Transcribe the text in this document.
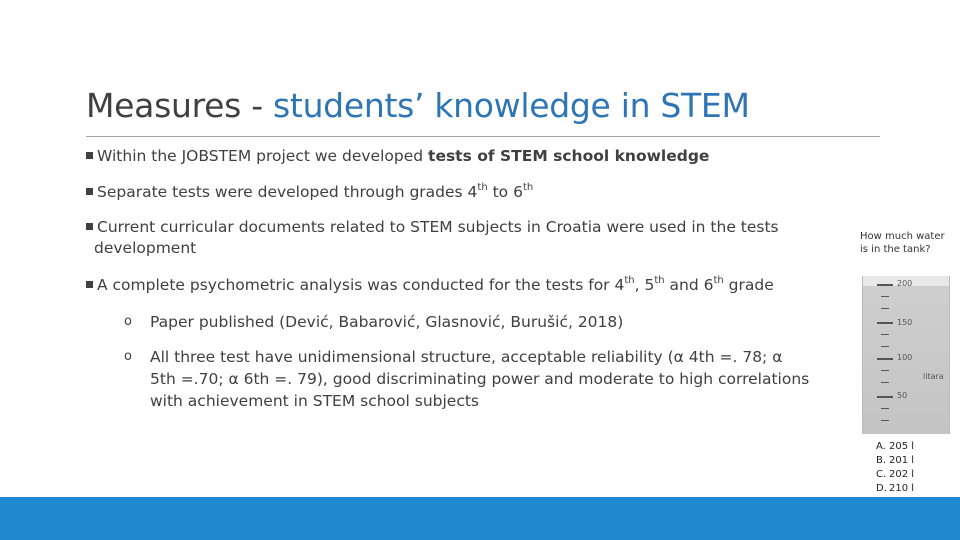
Measures - students’ knowledge in STEM
Within the JOBSTEM project we developed tests of STEM school knowledge
Separate tests were developed through grades 4th to 6th
Current curricular documents related to STEM subjects in Croatia were used in the tests
development
A complete psychometric analysis was conducted for the tests for 4th, 5th and 6th grade
o Paper published (Dević, Babarović, Glasnović, Burušić, 2018)
o All three test have unidimensional structure, acceptable reliability (α 4th =. 78; α
5th =.70; α 6th =. 79), good discriminating power and moderate to high correlations
with achievement in STEM school subjects
How much water
is in the tank?
200
150
100
50
litara
A. 205 l
B. 201 l
C. 202 l
D. 210 l
